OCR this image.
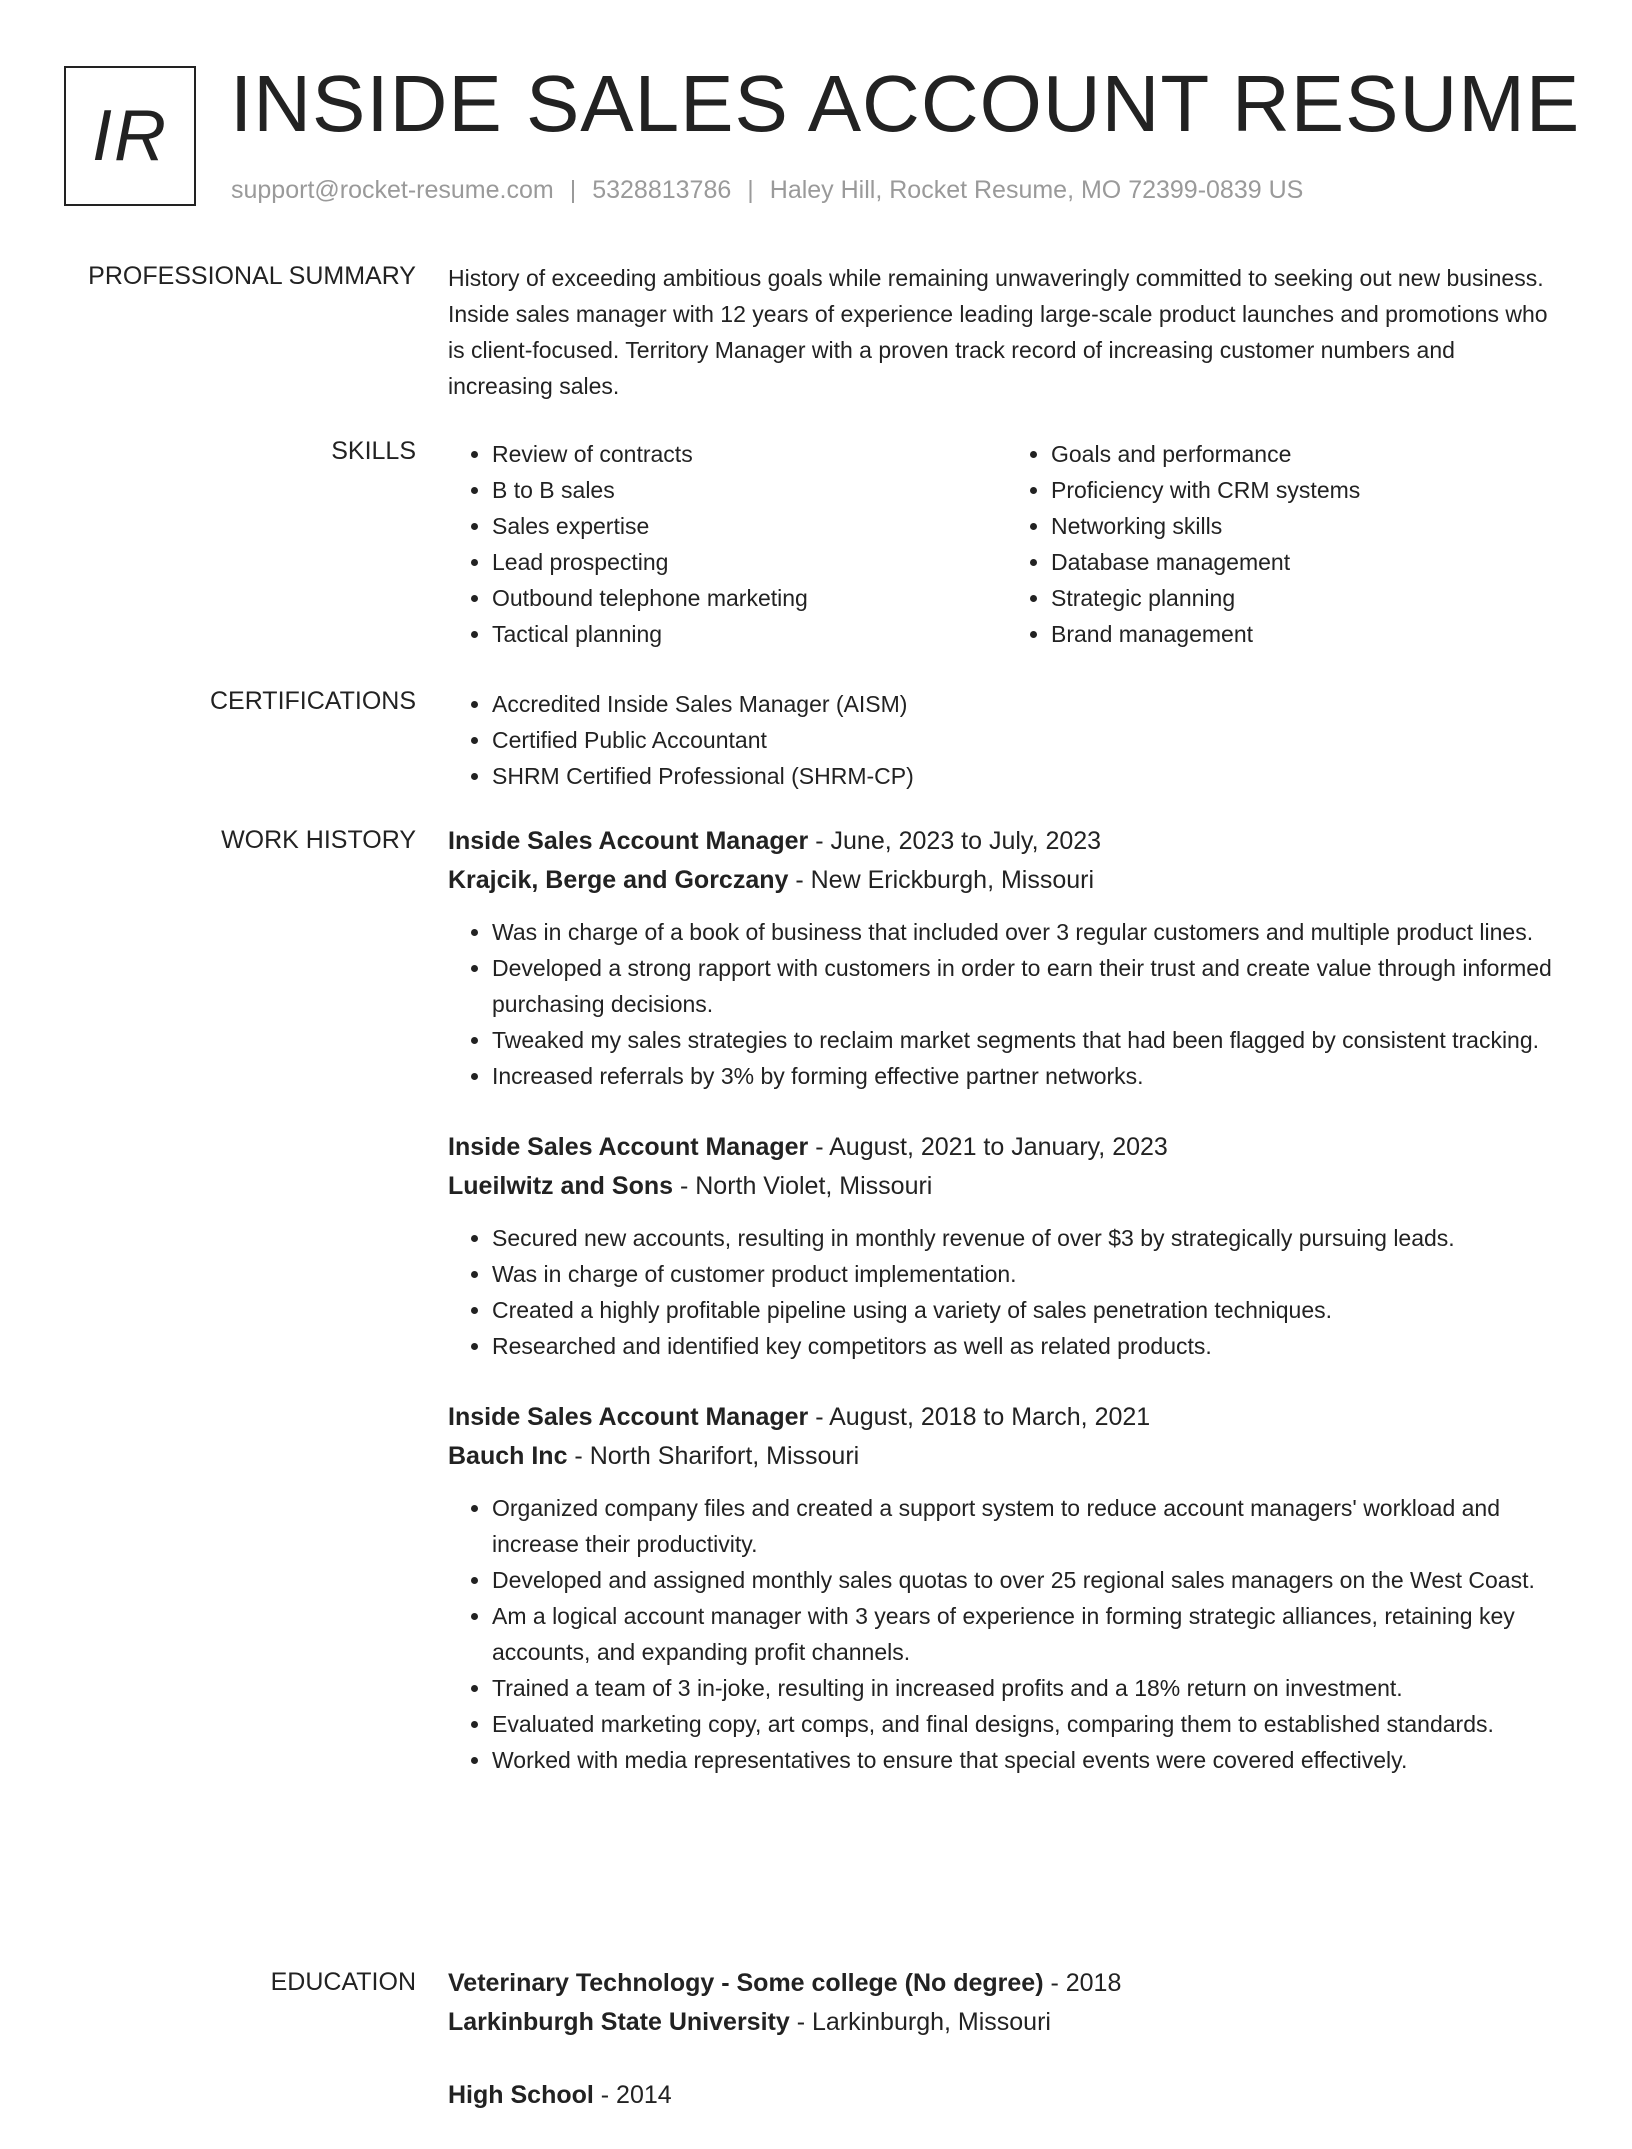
IR INSIDE SALES ACCOUNT RESUME
support@rocket-resume.com | 5328813786 | Haley Hill, Rocket Resume, MO 72399-0839 US
PROFESSIONAL SUMMARY History of exceeding ambitious goals while remaining unwaveringly committed to seeking out new business. Inside sales manager with 12 years of experience leading large-scale product launches and promotions who is client-focused. Territory Manager with a proven track record of increasing customer numbers and increasing sales.

SKILLS	• Review of contracts
• B to B sales
• Sales expertise
• Lead prospecting
• Outbound telephone marketing
• Tactical planning
• Goals and performance
• Proficiency with CRM systems
• Networking skills
• Database management
• Strategic planning
• Brand management
CERTIFICATIONS	• Accredited Inside Sales Manager (AISM)
• Certified Public Accountant
• SHRM Certified Professional (SHRM-CP)
WORK HISTORY Inside Sales Account Manager - June, 2023 to July, 2023

Krajcik, Berge and Gorczany - New Erickburgh, Missouri

• Was in charge of a book of business that included over 3 regular customers and multiple product lines.
• Developed a strong rapport with customers in order to earn their trust and create value through informed purchasing decisions.
• Tweaked my sales strategies to reclaim market segments that had been flagged by consistent tracking.
• Increased referrals by 3% by forming effective partner networks.

Inside Sales Account Manager - August, 2021 to January, 2023

Lueilwitz and Sons - North Violet, Missouri

• Secured new accounts, resulting in monthly revenue of over $3 by strategically pursuing leads.
• Was in charge of customer product implementation.
• Created a highly profitable pipeline using a variety of sales penetration techniques.
• Researched and identified key competitors as well as related products.

Inside Sales Account Manager - August, 2018 to March, 2021

Bauch Inc - North Sharifort, Missouri

• Organized company files and created a support system to reduce account managers' workload and increase their productivity.
• Developed and assigned monthly sales quotas to over 25 regional sales managers on the West Coast.
• Am a logical account manager with 3 years of experience in forming strategic alliances, retaining key accounts, and expanding profit channels.
• Trained a team of 3 in-joke, resulting in increased profits and a 18% return on investment.
• Evaluated marketing copy, art comps, and final designs, comparing them to established standards.
• Worked with media representatives to ensure that special events were covered effectively.
EDUCATION Veterinary Technology - Some college (No degree) - 2018

Larkinburgh State University - Larkinburgh, Missouri

High School - 2014
